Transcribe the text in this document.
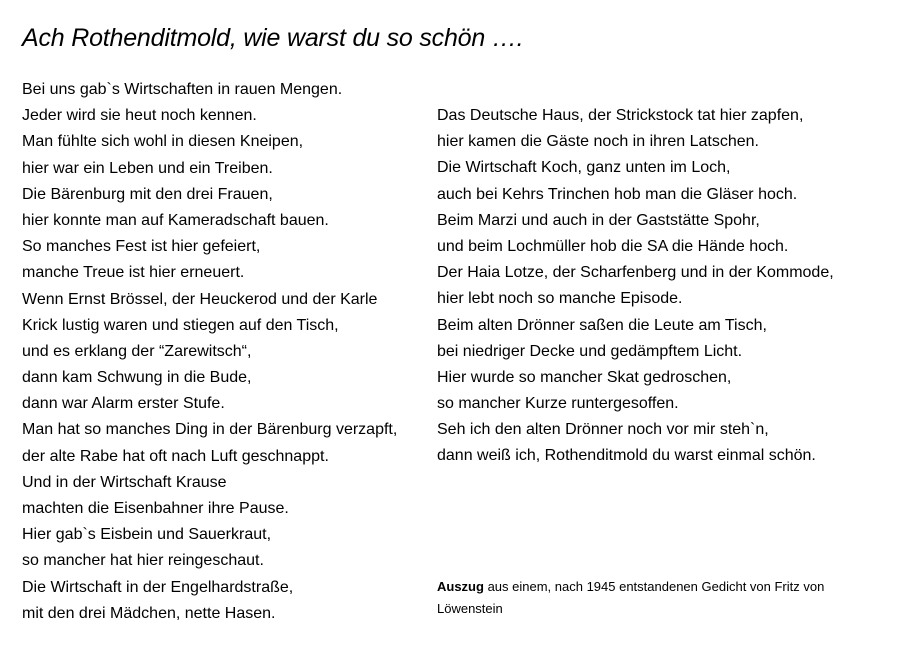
Ach Rothenditmold, wie warst du so schön ….
Bei uns gab`s Wirtschaften in rauen Mengen.
Jeder wird sie heut noch kennen.
Man fühlte sich wohl in diesen Kneipen,
hier war ein Leben und ein Treiben.
Die Bärenburg mit den drei Frauen,
hier konnte man auf Kameradschaft bauen.
So manches Fest ist hier gefeiert,
manche Treue ist hier erneuert.
Wenn Ernst Brössel, der Heuckerod und der Karle
Krick lustig waren und stiegen auf den Tisch,
und es erklang der “Zarewitsch“,
dann kam Schwung in die Bude,
dann war Alarm erster Stufe.
Man hat so manches Ding in der Bärenburg verzapft,
der alte Rabe hat oft nach Luft geschnappt.
Und in der Wirtschaft Krause
machten die Eisenbahner ihre Pause.
Hier gab`s Eisbein und Sauerkraut,
so mancher hat hier reingeschaut.
Die Wirtschaft in der Engelhardstraße,
mit den drei Mädchen, nette Hasen.
Das Deutsche Haus, der Strickstock tat hier zapfen,
hier kamen die Gäste noch in ihren Latschen.
Die Wirtschaft Koch, ganz unten im Loch,
auch bei Kehrs Trinchen hob man die Gläser hoch.
Beim Marzi und auch in der Gaststätte Spohr,
und beim Lochmüller hob die SA die Hände hoch.
Der Haia Lotze, der Scharfenberg und in der Kommode,
hier lebt noch so manche Episode.
Beim alten Drönner saßen die Leute am Tisch,
bei niedriger Decke und gedämpftem Licht.
Hier wurde so mancher Skat gedroschen,
so mancher Kurze runtergesoffen.
Seh ich den alten Drönner noch vor mir steh`n,
dann weiß ich, Rothenditmold du warst einmal schön.

Auszug aus einem, nach 1945 entstandenen Gedicht von Fritz von Löwenstein
